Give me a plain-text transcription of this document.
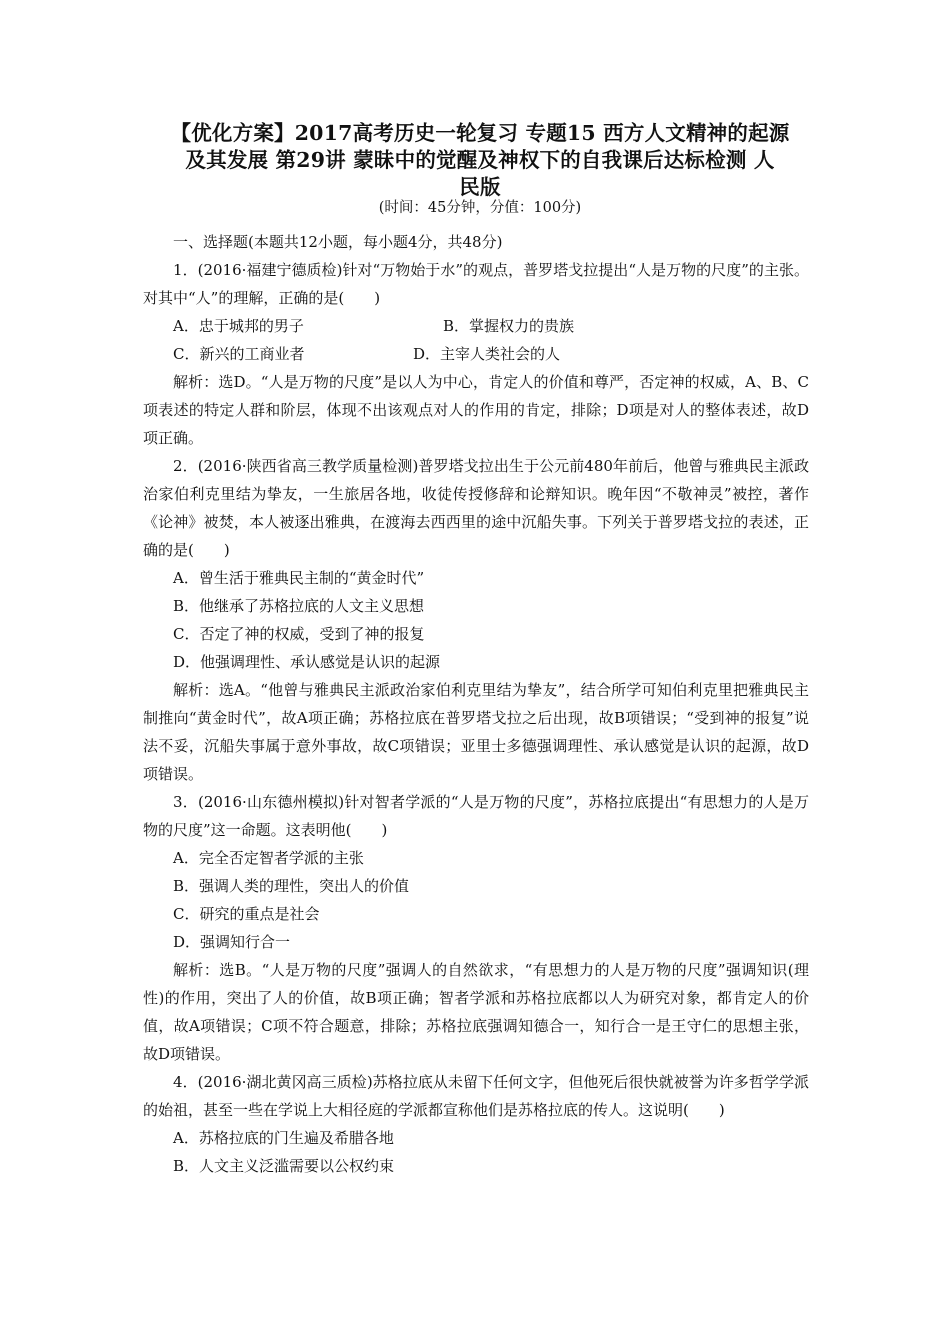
【优化方案】2017高考历史一轮复习 专题15 西方人文精神的起源
及其发展 第29讲 蒙昧中的觉醒及神权下的自我课后达标检测 人
民版
(时间：45分钟，分值：100分)

一、选择题(本题共12小题，每小题4分，共48分)

1．(2016·福建宁德质检)针对“万物始于水”的观点，普罗塔戈拉提出“人是万物的尺度”的主张。对其中“人”的理解，正确的是(　　)

A．忠于城邦的男子	B．掌握权力的贵族
C．新兴的工商业者	D．主宰人类社会的人

解析：选D。“人是万物的尺度”是以人为中心，肯定人的价值和尊严，否定神的权威，A、B、C项表述的特定人群和阶层，体现不出该观点对人的作用的肯定，排除；D项是对人的整体表述，故D项正确。

2．(2016·陕西省高三教学质量检测)普罗塔戈拉出生于公元前480年前后，他曾与雅典民主派政治家伯利克里结为挚友，一生旅居各地，收徒传授修辞和论辩知识。晚年因“不敬神灵”被控，著作《论神》被焚，本人被逐出雅典，在渡海去西西里的途中沉船失事。下列关于普罗塔戈拉的表述，正确的是(　　)

A．曾生活于雅典民主制的“黄金时代”

B．他继承了苏格拉底的人文主义思想

C．否定了神的权威，受到了神的报复

D．他强调理性、承认感觉是认识的起源

解析：选A。“他曾与雅典民主派政治家伯利克里结为挚友”，结合所学可知伯利克里把雅典民主制推向“黄金时代”，故A项正确；苏格拉底在普罗塔戈拉之后出现，故B项错误；“受到神的报复”说法不妥，沉船失事属于意外事故，故C项错误；亚里士多德强调理性、承认感觉是认识的起源，故D项错误。

3．(2016·山东德州模拟)针对智者学派的“人是万物的尺度”，苏格拉底提出“有思想力的人是万物的尺度”这一命题。这表明他(　　)

A．完全否定智者学派的主张

B．强调人类的理性，突出人的价值

C．研究的重点是社会

D．强调知行合一

解析：选B。“人是万物的尺度”强调人的自然欲求，“有思想力的人是万物的尺度”强调知识(理性)的作用，突出了人的价值，故B项正确；智者学派和苏格拉底都以人为研究对象，都肯定人的价值，故A项错误；C项不符合题意，排除；苏格拉底强调知德合一，知行合一是王守仁的思想主张，故D项错误。

4．(2016·湖北黄冈高三质检)苏格拉底从未留下任何文字，但他死后很快就被誉为许多哲学学派的始祖，甚至一些在学说上大相径庭的学派都宣称他们是苏格拉底的传人。这说明(　　)

A．苏格拉底的门生遍及希腊各地

B．人文主义泛滥需要以公权约束
